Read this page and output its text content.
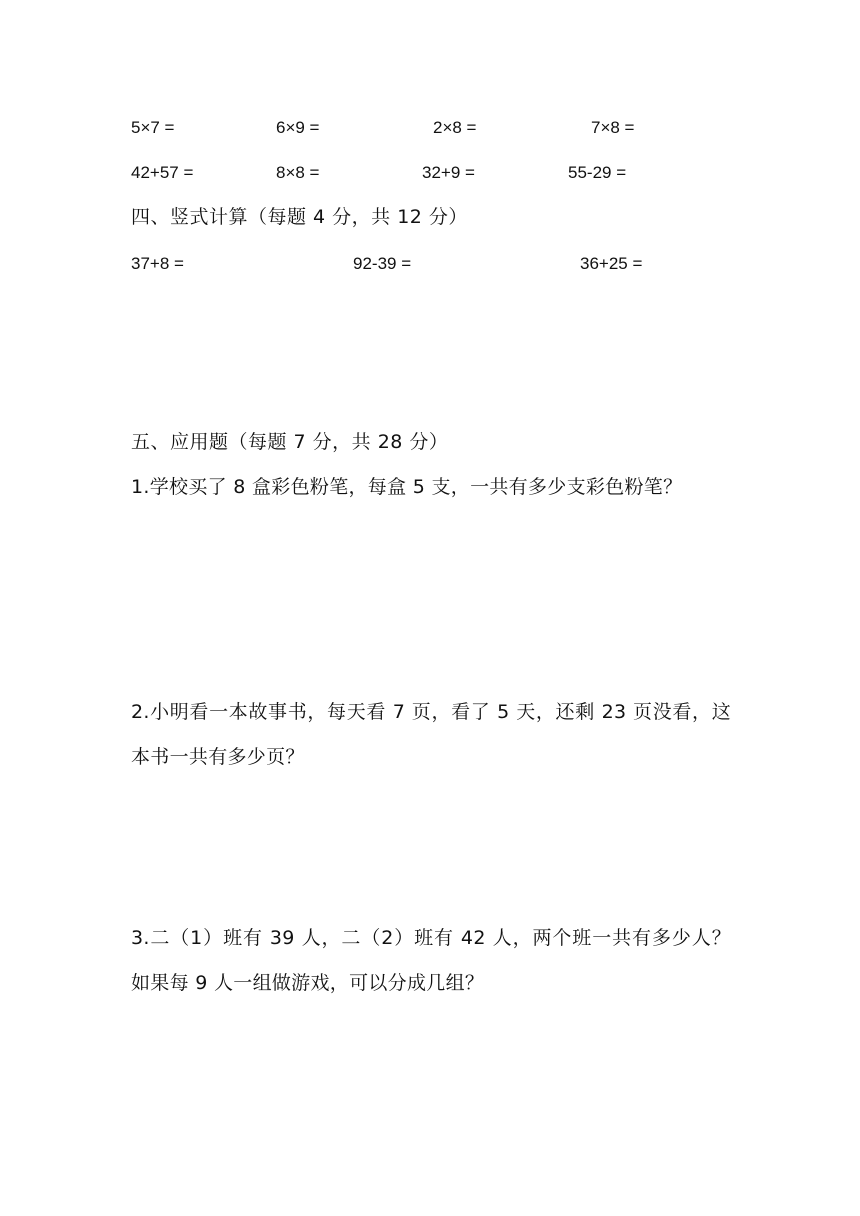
5×7 =	6×9 =	2×8 =	7×8 =
42+57 =	8×8 =	32+9 =	55-29 =
四、竖式计算（每题 4 分，共 12 分）
37+8 =	92-39 =	36+25 =
五、应用题（每题 7 分，共 28 分）
1.学校买了 8 盒彩色粉笔，每盒 5 支，一共有多少支彩色粉笔？
2.小明看一本故事书，每天看 7 页，看了 5 天，还剩 23 页没看，这本书一共有多少页？
3.二（1）班有 39 人，二（2）班有 42 人，两个班一共有多少人？如果每 9 人一组做游戏，可以分成几组？
